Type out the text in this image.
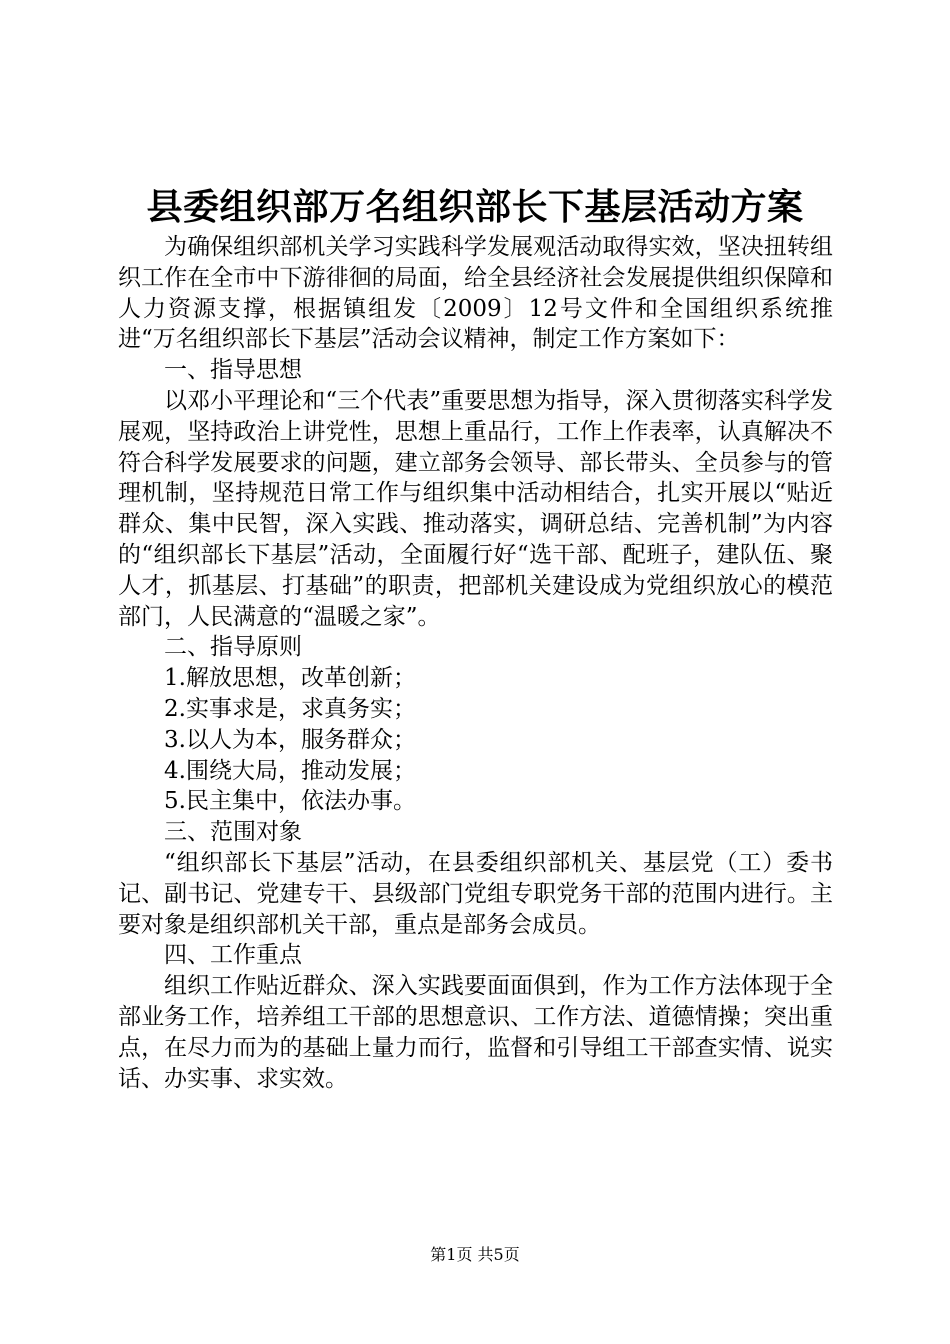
县委组织部万名组织部长下基层活动方案

为确保组织部机关学习实践科学发展观活动取得实效，坚决扭转组织工作在全市中下游徘徊的局面，给全县经济社会发展提供组织保障和人力资源支撑，根据镇组发〔2009〕12号文件和全国组织系统推进“万名组织部长下基层”活动会议精神，制定工作方案如下：

一、指导思想

以邓小平理论和“三个代表”重要思想为指导，深入贯彻落实科学发展观，坚持政治上讲党性，思想上重品行，工作上作表率，认真解决不符合科学发展要求的问题，建立部务会领导、部长带头、全员参与的管理机制，坚持规范日常工作与组织集中活动相结合，扎实开展以“贴近群众、集中民智，深入实践、推动落实，调研总结、完善机制”为内容的“组织部长下基层”活动，全面履行好“选干部、配班子，建队伍、聚人才，抓基层、打基础”的职责，把部机关建设成为党组织放心的模范部门，人民满意的“温暖之家”。

二、指导原则

1.解放思想，改革创新；

2.实事求是，求真务实；

3.以人为本，服务群众；

4.围绕大局，推动发展；

5.民主集中，依法办事。

三、范围对象

“组织部长下基层”活动，在县委组织部机关、基层党（工）委书记、副书记、党建专干、县级部门党组专职党务干部的范围内进行。主要对象是组织部机关干部，重点是部务会成员。

四、工作重点

组织工作贴近群众、深入实践要面面俱到，作为工作方法体现于全部业务工作，培养组工干部的思想意识、工作方法、道德情操；突出重点，在尽力而为的基础上量力而行，监督和引导组工干部查实情、说实话、办实事、求实效。

第1页 共5页
